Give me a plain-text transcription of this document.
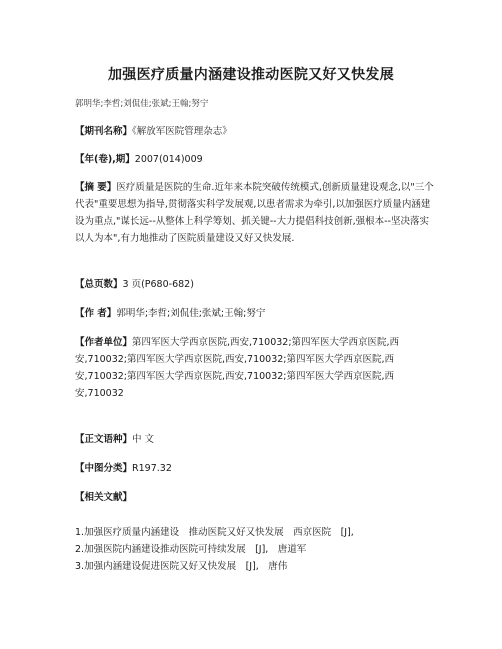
加强医疗质量内涵建设推动医院又好又快发展
郭明华;李哲;刘侃佳;张斌;王翰;努宁
【期刊名称】《解放军医院管理杂志》
【年(卷),期】2007(014)009
【摘 要】医疗质量是医院的生命.近年来本院突破传统模式,创新质量建设观念,以"三个代表"重要思想为指导,贯彻落实科学发展观,以患者需求为牵引,以加强医疗质量内涵建设为重点,"谋长远--从整体上科学筹划、抓关键--大力提倡科技创新,强根本--坚决落实以人为本",有力地推动了医院质量建设又好又快发展.
【总页数】3 页(P680-682)
【作 者】郭明华;李哲;刘侃佳;张斌;王翰;努宁
【作者单位】第四军医大学西京医院,西安,710032;第四军医大学西京医院,西安,710032;第四军医大学西京医院,西安,710032;第四军医大学西京医院,西安,710032;第四军医大学西京医院,西安,710032;第四军医大学西京医院,西安,710032
【正文语种】中 文
【中图分类】R197.32
【相关文献】
1.加强医疗质量内涵建设　推动医院又好又快发展　西京医院　[J],
2.加强医院内涵建设推动医院可持续发展　[J],　唐道军
3.加强内涵建设促进医院又好又快发展　[J],　唐伟
